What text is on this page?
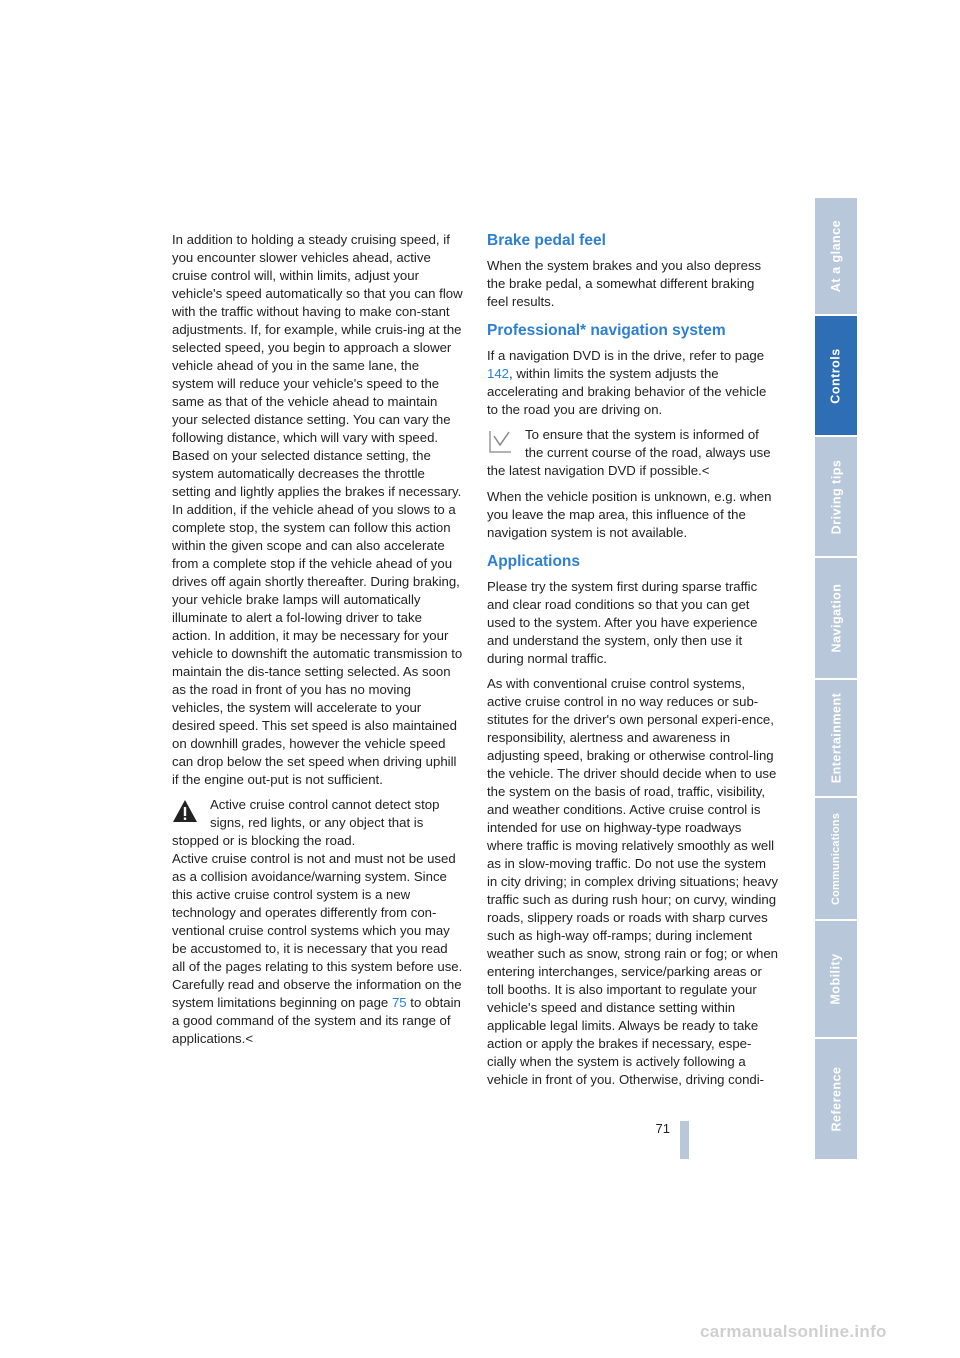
In addition to holding a steady cruising speed, if you encounter slower vehicles ahead, active cruise control will, within limits, adjust your vehicle's speed automatically so that you can flow with the traffic without having to make con-stant adjustments. If, for example, while cruis-ing at the selected speed, you begin to approach a slower vehicle ahead of you in the same lane, the system will reduce your vehicle's speed to the same as that of the vehicle ahead to maintain your selected distance setting. You can vary the following distance, which will vary with speed. Based on your selected distance setting, the system automatically decreases the throttle setting and lightly applies the brakes if necessary. In addition, if the vehicle ahead of you slows to a complete stop, the system can follow this action within the given scope and can also accelerate from a complete stop if the vehicle ahead of you drives off again shortly thereafter. During braking, your vehicle brake lamps will automatically illuminate to alert a fol-lowing driver to take action. In addition, it may be necessary for your vehicle to downshift the automatic transmission to maintain the dis-tance setting selected. As soon as the road in front of you has no moving vehicles, the system will accelerate to your desired speed. This set speed is also maintained on downhill grades, however the vehicle speed can drop below the set speed when driving uphill if the engine out-put is not sufficient.

Active cruise control cannot detect stop signs, red lights, or any object that is
stopped or is blocking the road.
Active cruise control is not and must not be used as a collision avoidance/warning system. Since this active cruise control system is a new technology and operates differently from con-ventional cruise control systems which you may be accustomed to, it is necessary that you read all of the pages relating to this system before use. Carefully read and observe the information on the system limitations beginning on page 75 to obtain a good command of the system and its range of applications.<
Brake pedal feel

When the system brakes and you also depress the brake pedal, a somewhat different braking feel results.

Professional* navigation system

If a navigation DVD is in the drive, refer to page 142, within limits the system adjusts the accelerating and braking behavior of the vehicle to the road you are driving on.

To ensure that the system is informed of the current course of the road, always use
the latest navigation DVD if possible.<

When the vehicle position is unknown, e.g. when you leave the map area, this influence of the navigation system is not available.

Applications

Please try the system first during sparse traffic and clear road conditions so that you can get used to the system. After you have experience and understand the system, only then use it during normal traffic.

As with conventional cruise control systems, active cruise control in no way reduces or sub-stitutes for the driver's own personal experi-ence, responsibility, alertness and awareness in adjusting speed, braking or otherwise control-ling the vehicle. The driver should decide when to use the system on the basis of road, traffic, visibility, and weather conditions. Active cruise control is intended for use on highway-type roadways where traffic is moving relatively smoothly as well as in slow-moving traffic. Do not use the system in city driving; in complex driving situations; heavy traffic such as during rush hour; on curvy, winding roads, slippery roads or roads with sharp curves such as high-way off-ramps; during inclement weather such as snow, strong rain or fog; or when entering interchanges, service/parking areas or toll booths. It is also important to regulate your vehicle's speed and distance setting within applicable legal limits. Always be ready to take action or apply the brakes if necessary, espe-cially when the system is actively following a vehicle in front of you. Otherwise, driving condi-

At a glance
Controls
Driving tips
Navigation
Entertainment
Communications
Mobility
Reference
71
carmanualsonline.info
